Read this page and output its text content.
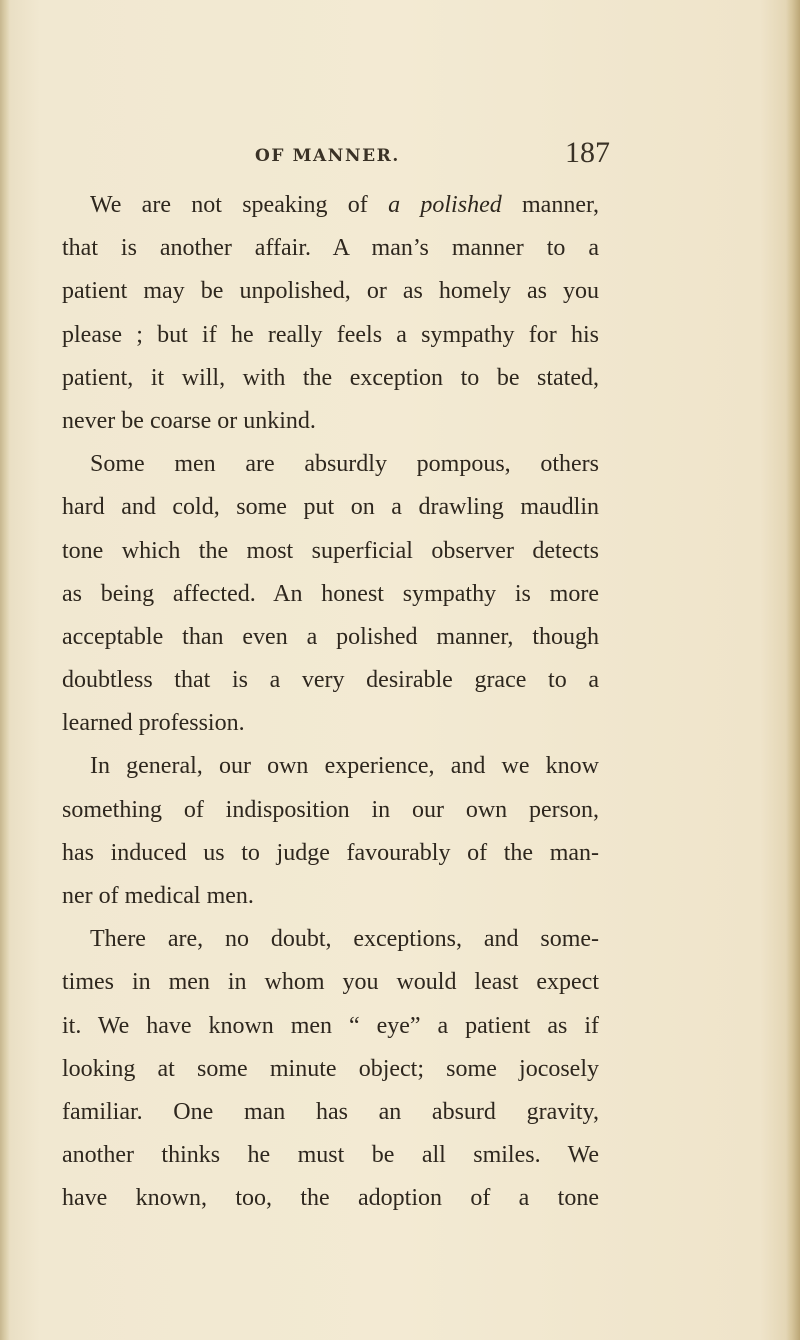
OF MANNER.	187
We are not speaking of a polished manner,
that is another affair. A man’s manner to a
patient may be unpolished, or as homely as you
please ; but if he really feels a sympathy for his
patient, it will, with the exception to be stated,
never be coarse or unkind.
Some men are absurdly pompous, others
hard and cold, some put on a drawling maudlin
tone which the most superficial observer detects
as being affected. An honest sympathy is more
acceptable than even a polished manner, though
doubtless that is a very desirable grace to a
learned profession.
In general, our own experience, and we know
something of indisposition in our own person,
has induced us to judge favourably of the man-
ner of medical men.
There are, no doubt, exceptions, and some-
times in men in whom you would least expect
it. We have known men “ eye” a patient as if
looking at some minute object; some jocosely
familiar. One man has an absurd gravity,
another thinks he must be all smiles. We
have known, too, the adoption of a tone
